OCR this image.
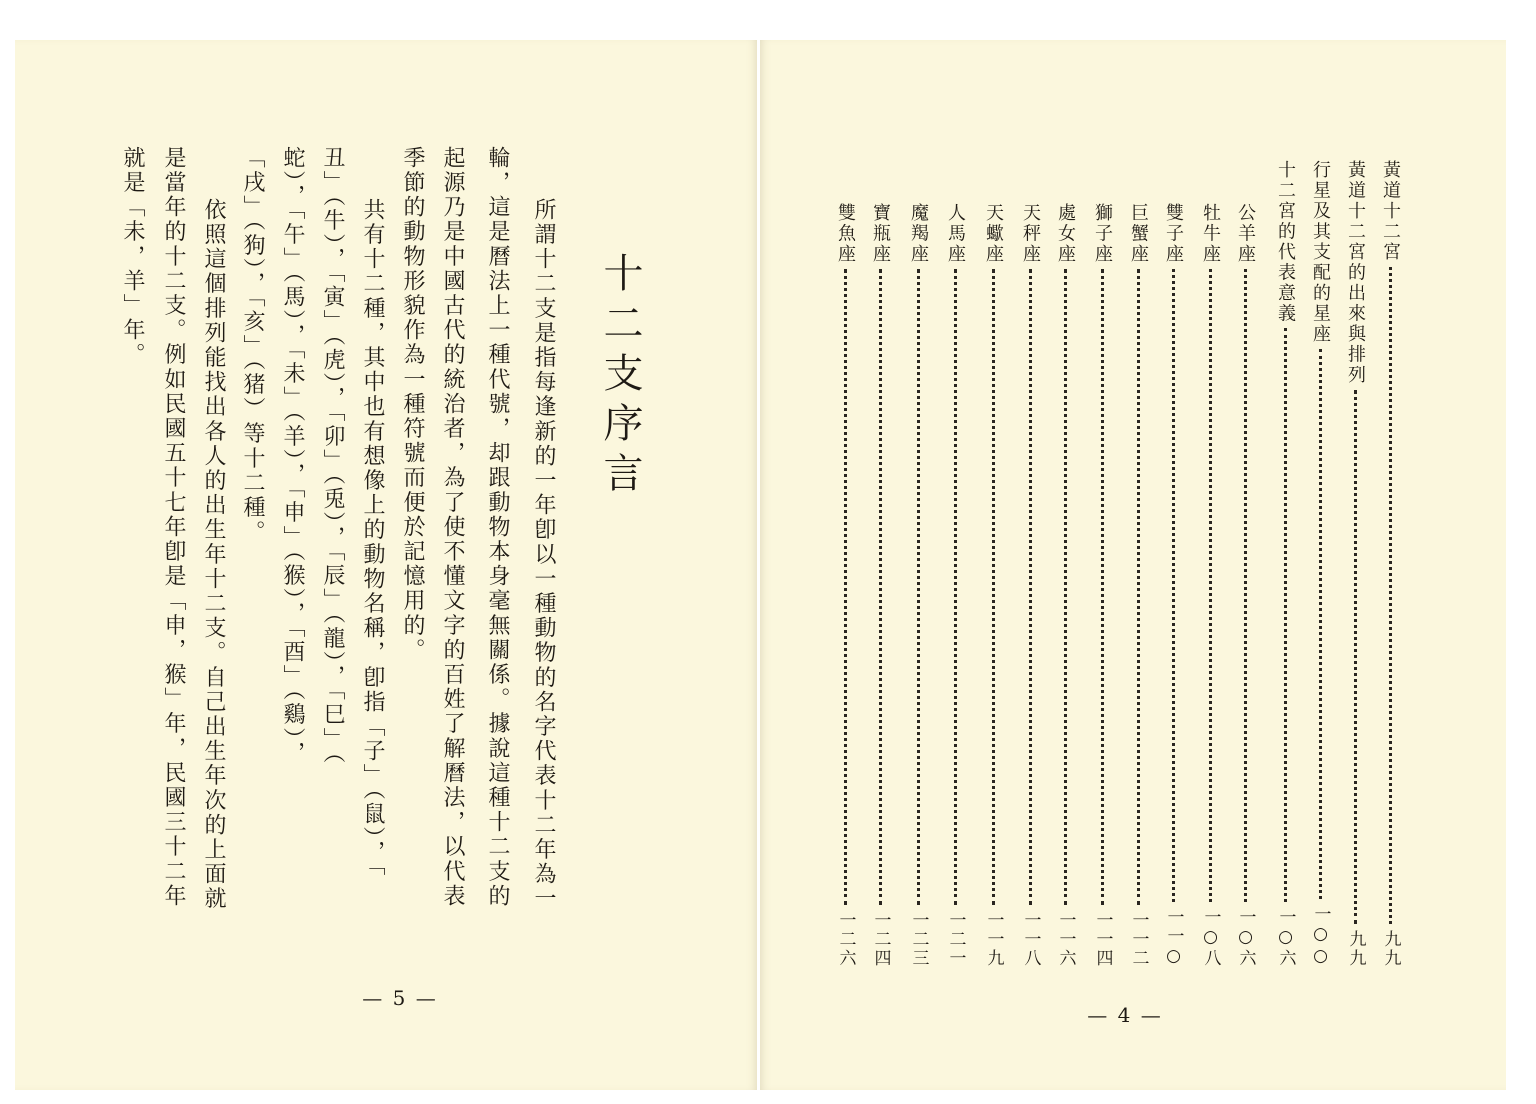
十二支序言
所謂十二支是指每逢新的一年卽以一種動物的名字代表十二年為一
輪，這是曆法上一種代號，却跟動物本身毫無關係。據說這種十二支的
起源乃是中國古代的統治者，為了使不懂文字的百姓了解曆法，以代表
季節的動物形貌作為一種符號而便於記憶用的。
共有十二種，其中也有想像上的動物名稱，卽指「子」（鼠），「
丑」（牛），「寅」（虎），「卯」（兎），「辰」（龍），「巳」（
蛇），「午」（馬），「未」（羊），「申」（猴），「酉」（鷄），
「戌」（狗），「亥」（猪）等十二種。
依照這個排列能找出各人的出生年十二支。自己出生年次的上面就
是當年的十二支。例如民國五十七年卽是「申，猴」年，民國三十二年
就是「未，羊」年。
— 5 —
黃道十二宮
九九
黃道十二宮的出來與排列
九九
行星及其支配的星座
一○○
十二宮的代表意義
一○六
公羊座
一○六
牡牛座
一○八
雙子座
一一○
巨蟹座
一一二
獅子座
一一四
處女座
一一六
天秤座
一一八
天蠍座
一一九
人馬座
一二一
魔羯座
一二三
寶瓶座
一二四
雙魚座
一二六
— 4 —
